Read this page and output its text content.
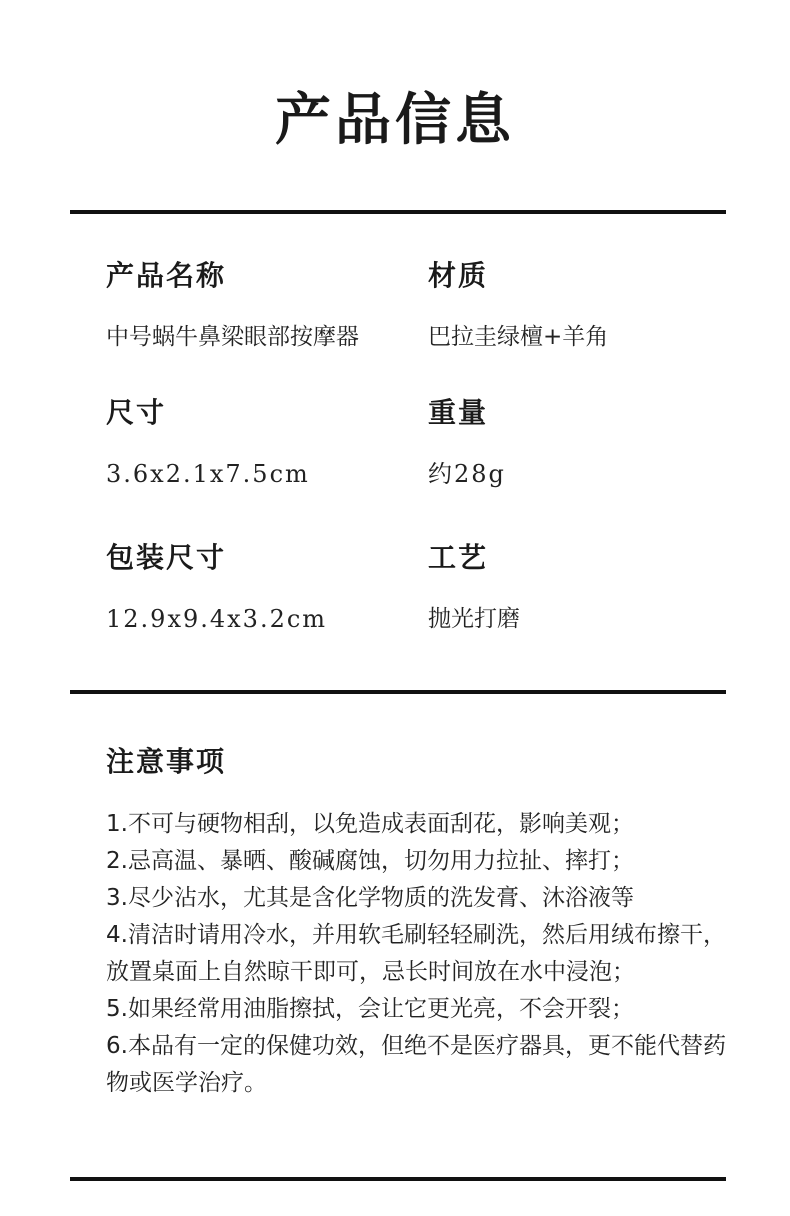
产品信息
产品名称
中号蜗牛鼻梁眼部按摩器
材质
巴拉圭绿檀+羊角
尺寸
3.6x2.1x7.5cm
重量
约28g
包装尺寸
12.9x9.4x3.2cm
工艺
抛光打磨
注意事项
1.不可与硬物相刮，以免造成表面刮花，影响美观；
2.忌高温、暴晒、酸碱腐蚀，切勿用力拉扯、摔打；
3.尽少沾水，尤其是含化学物质的洗发膏、沐浴液等
4.清洁时请用冷水，并用软毛刷轻轻刷洗，然后用绒布擦干，放置桌面上自然晾干即可，忌长时间放在水中浸泡；
5.如果经常用油脂擦拭，会让它更光亮，不会开裂；
6.本品有一定的保健功效，但绝不是医疗器具，更不能代替药物或医学治疗。
